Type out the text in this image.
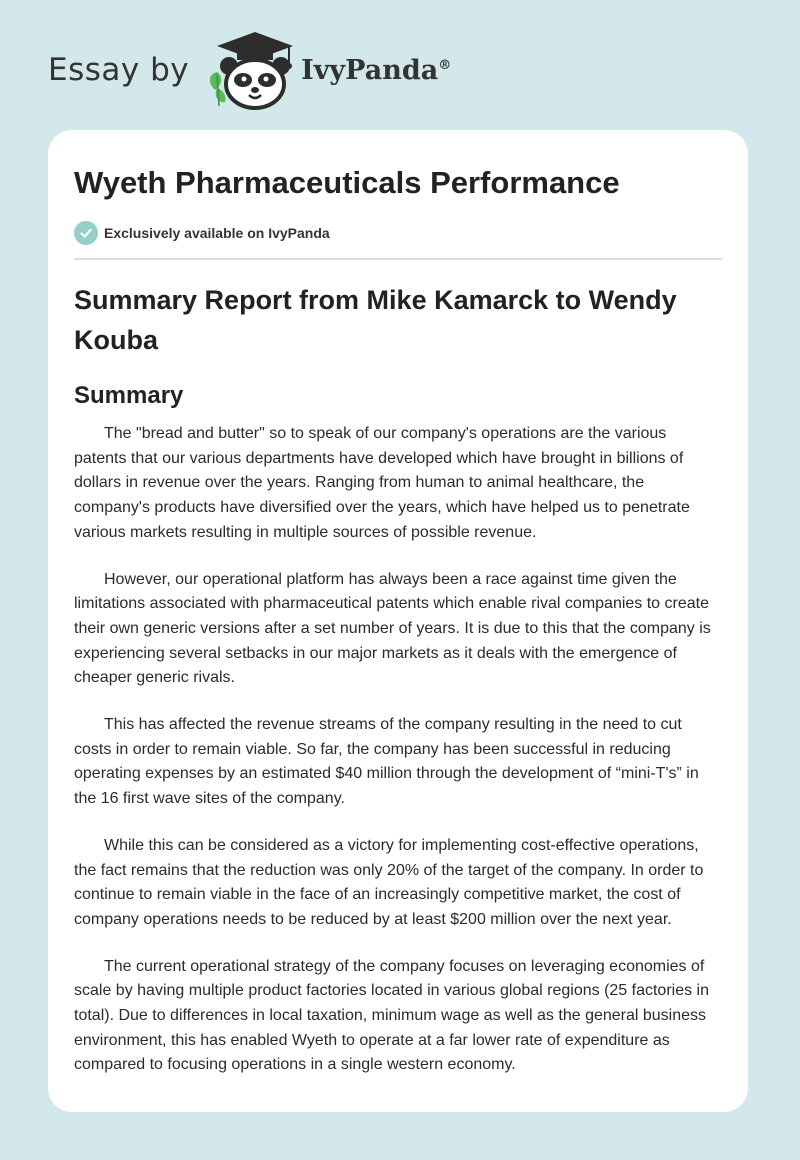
Essay by	IvyPanda®
Wyeth Pharmaceuticals Performance
Exclusively available on IvyPanda
Summary Report from Mike Kamarck to Wendy Kouba
Summary

The "bread and butter" so to speak of our company's operations are the various patents that our various departments have developed which have brought in billions of dollars in revenue over the years. Ranging from human to animal healthcare, the company's products have diversified over the years, which have helped us to penetrate various markets resulting in multiple sources of possible revenue.

However, our operational platform has always been a race against time given the limitations associated with pharmaceutical patents which enable rival companies to create their own generic versions after a set number of years. It is due to this that the company is experiencing several setbacks in our major markets as it deals with the emergence of cheaper generic rivals.

This has affected the revenue streams of the company resulting in the need to cut costs in order to remain viable. So far, the company has been successful in reducing operating expenses by an estimated $40 million through the development of “mini-T's” in the 16 first wave sites of the company.

While this can be considered as a victory for implementing cost-effective operations, the fact remains that the reduction was only 20% of the target of the company. In order to continue to remain viable in the face of an increasingly competitive market, the cost of company operations needs to be reduced by at least $200 million over the next year.

The current operational strategy of the company focuses on leveraging economies of scale by having multiple product factories located in various global regions (25 factories in total). Due to differences in local taxation, minimum wage as well as the general business environment, this has enabled Wyeth to operate at a far lower rate of expenditure as compared to focusing operations in a single western economy.
